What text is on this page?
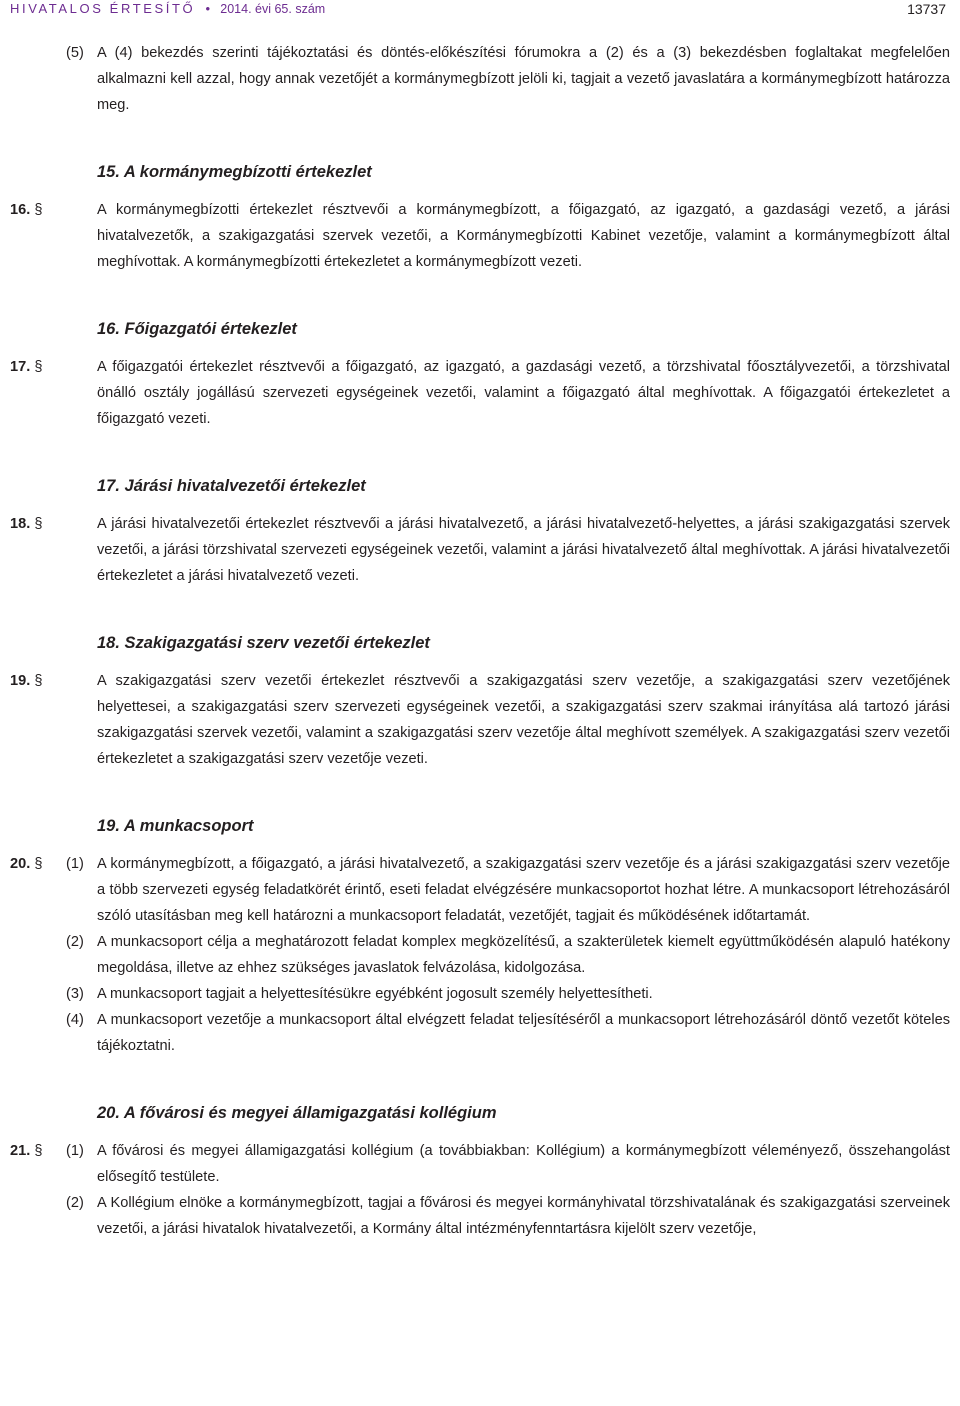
HIVATALOS ÉRTESÍTŐ • 2014. évi 65. szám	13737
(5) A (4) bekezdés szerinti tájékoztatási és döntés-előkészítési fórumokra a (2) és a (3) bekezdésben foglaltakat megfelelően alkalmazni kell azzal, hogy annak vezetőjét a kormánymegbízott jelöli ki, tagjait a vezető javaslatára a kormánymegbízott határozza meg.
15. A kormánymegbízotti értekezlet
16. §	A kormánymegbízotti értekezlet résztvevői a kormánymegbízott, a főigazgató, az igazgató, a gazdasági vezető, a járási hivatalvezetők, a szakigazgatási szervek vezetői, a Kormánymegbízotti Kabinet vezetője, valamint a kormánymegbízott által meghívottak. A kormánymegbízotti értekezletet a kormánymegbízott vezeti.

16. Főigazgatói értekezlet
17. §	A főigazgatói értekezlet résztvevői a főigazgató, az igazgató, a gazdasági vezető, a törzshivatal főosztályvezetői, a törzshivatal önálló osztály jogállású szervezeti egységeinek vezetői, valamint a főigazgató által meghívottak. A főigazgatói értekezletet a főigazgató vezeti.

17. Járási hivatalvezetői értekezlet
18. §	A járási hivatalvezetői értekezlet résztvevői a járási hivatalvezető, a járási hivatalvezető-helyettes, a járási szakigazgatási szervek vezetői, a járási törzshivatal szervezeti egységeinek vezetői, valamint a járási hivatalvezető által meghívottak. A járási hivatalvezetői értekezletet a járási hivatalvezető vezeti.

18. Szakigazgatási szerv vezetői értekezlet
19. §	A szakigazgatási szerv vezetői értekezlet résztvevői a szakigazgatási szerv vezetője, a szakigazgatási szerv vezetőjének helyettesei, a szakigazgatási szerv szervezeti egységeinek vezetői, a szakigazgatási szerv szakmai irányítása alá tartozó járási szakigazgatási szervek vezetői, valamint a szakigazgatási szerv vezetője által meghívott személyek. A szakigazgatási szerv vezetői értekezletet a szakigazgatási szerv vezetője vezeti.

19. A munkacsoport
20. § (1) A kormánymegbízott, a főigazgató, a járási hivatalvezető, a szakigazgatási szerv vezetője és a járási szakigazgatási szerv vezetője a több szervezeti egység feladatkörét érintő, eseti feladat elvégzésére munkacsoportot hozhat létre. A munkacsoport létrehozásáról szóló utasításban meg kell határozni a munkacsoport feladatát, vezetőjét, tagjait és működésének időtartamát.
(2) A munkacsoport célja a meghatározott feladat komplex megközelítésű, a szakterületek kiemelt együttműködésén alapuló hatékony megoldása, illetve az ehhez szükséges javaslatok felvázolása, kidolgozása.
(3) A munkacsoport tagjait a helyettesítésükre egyébként jogosult személy helyettesítheti.
(4) A munkacsoport vezetője a munkacsoport által elvégzett feladat teljesítéséről a munkacsoport létrehozásáról döntő vezetőt köteles tájékoztatni.
20. A fővárosi és megyei államigazgatási kollégium
21. § (1) A fővárosi és megyei államigazgatási kollégium (a továbbiakban: Kollégium) a kormánymegbízott véleményező, összehangolást elősegítő testülete.
(2) A Kollégium elnöke a kormánymegbízott, tagjai a fővárosi és megyei kormányhivatal törzshivatalának és szakigazgatási szerveinek vezetői, a járási hivatalok hivatalvezetői, a Kormány által intézményfenntartásra kijelölt szerv vezetője,
